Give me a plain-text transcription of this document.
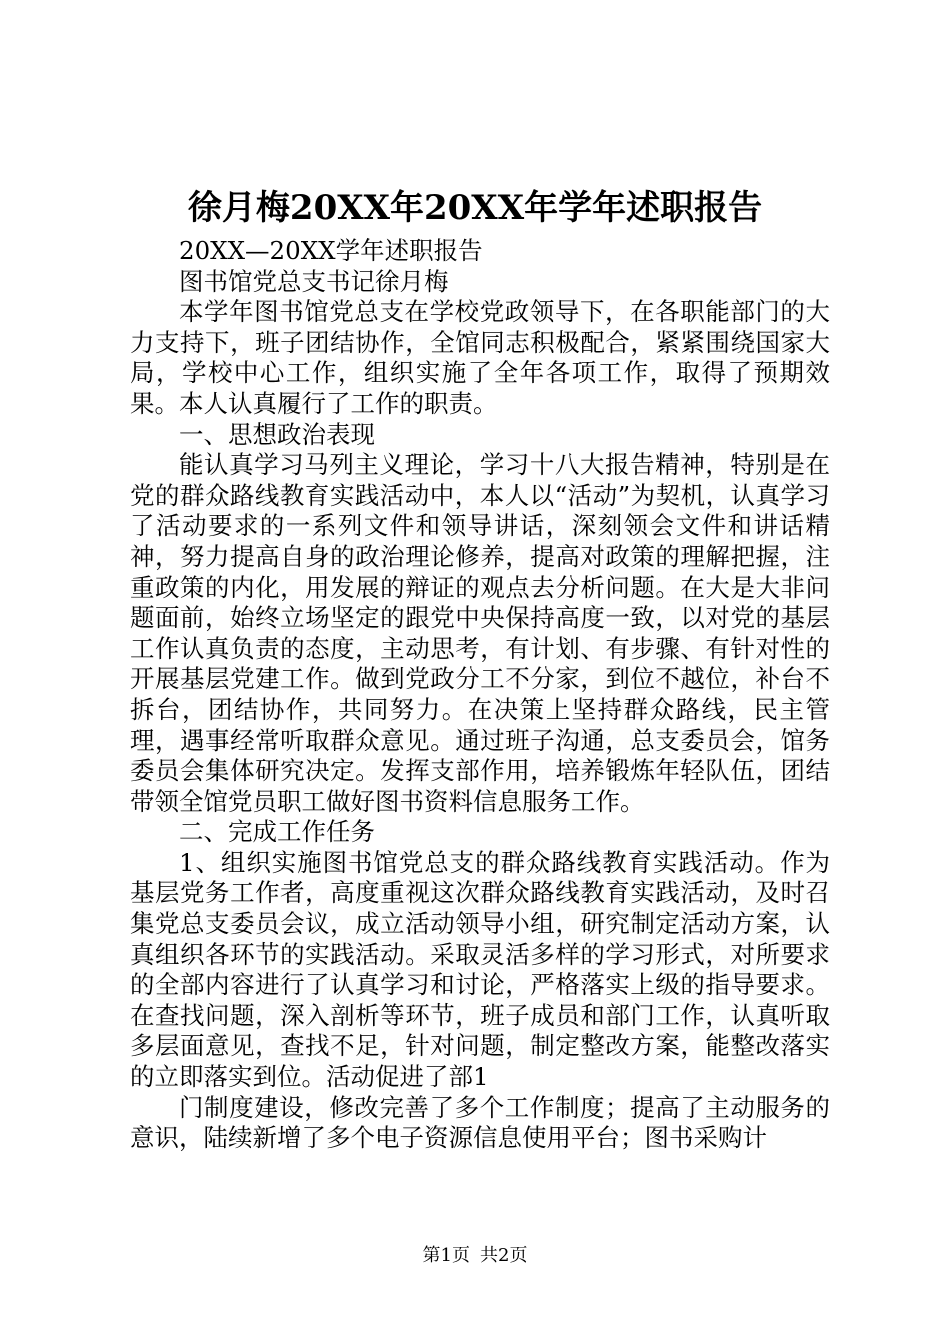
徐月梅20XX年20XX年学年述职报告

20XX—20XX学年述职报告

图书馆党总支书记徐月梅

本学年图书馆党总支在学校党政领导下，在各职能部门的大力支持下，班子团结协作，全馆同志积极配合，紧紧围绕国家大局，学校中心工作，组织实施了全年各项工作，取得了预期效果。本人认真履行了工作的职责。

一、思想政治表现

能认真学习马列主义理论，学习十八大报告精神，特别是在党的群众路线教育实践活动中，本人以“活动”为契机，认真学习了活动要求的一系列文件和领导讲话，深刻领会文件和讲话精神，努力提高自身的政治理论修养，提高对政策的理解把握，注重政策的内化，用发展的辩证的观点去分析问题。在大是大非问题面前，始终立场坚定的跟党中央保持高度一致，以对党的基层工作认真负责的态度，主动思考，有计划、有步骤、有针对性的开展基层党建工作。做到党政分工不分家，到位不越位，补台不拆台，团结协作，共同努力。在决策上坚持群众路线，民主管理，遇事经常听取群众意见。通过班子沟通，总支委员会，馆务委员会集体研究决定。发挥支部作用，培养锻炼年轻队伍，团结带领全馆党员职工做好图书资料信息服务工作。

二、完成工作任务

1、组织实施图书馆党总支的群众路线教育实践活动。作为基层党务工作者，高度重视这次群众路线教育实践活动，及时召集党总支委员会议，成立活动领导小组，研究制定活动方案，认真组织各环节的实践活动。采取灵活多样的学习形式，对所要求的全部内容进行了认真学习和讨论，严格落实上级的指导要求。在查找问题，深入剖析等环节，班子成员和部门工作，认真听取多层面意见，查找不足，针对问题，制定整改方案，能整改落实的立即落实到位。活动促进了部1

门制度建设，修改完善了多个工作制度；提高了主动服务的意识，陆续新增了多个电子资源信息使用平台；图书采购计

第1页 共2页
